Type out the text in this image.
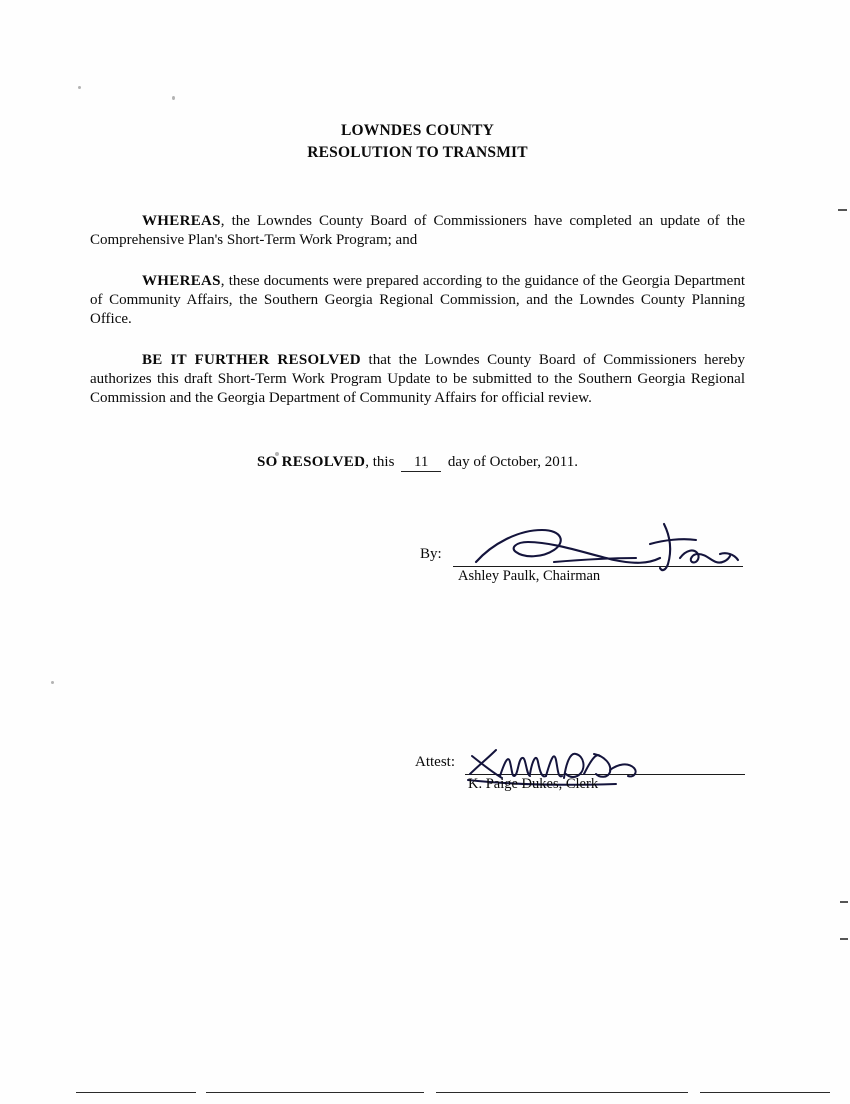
LOWNDES COUNTY
RESOLUTION TO TRANSMIT

WHEREAS, the Lowndes County Board of Commissioners have completed an update of the Comprehensive Plan's Short-Term Work Program; and

WHEREAS, these documents were prepared according to the guidance of the Georgia Department of Community Affairs, the Southern Georgia Regional Commission, and the Lowndes County Planning Office.

BE IT FURTHER RESOLVED that the Lowndes County Board of Commissioners hereby authorizes this draft Short-Term Work Program Update to be submitted to the Southern Georgia Regional Commission and the Georgia Department of Community Affairs for official review.

SO RESOLVED, this 11 day of October, 2011.
By:
Ashley Paulk, Chairman
Attest:
K. Paige Dukes, Clerk
